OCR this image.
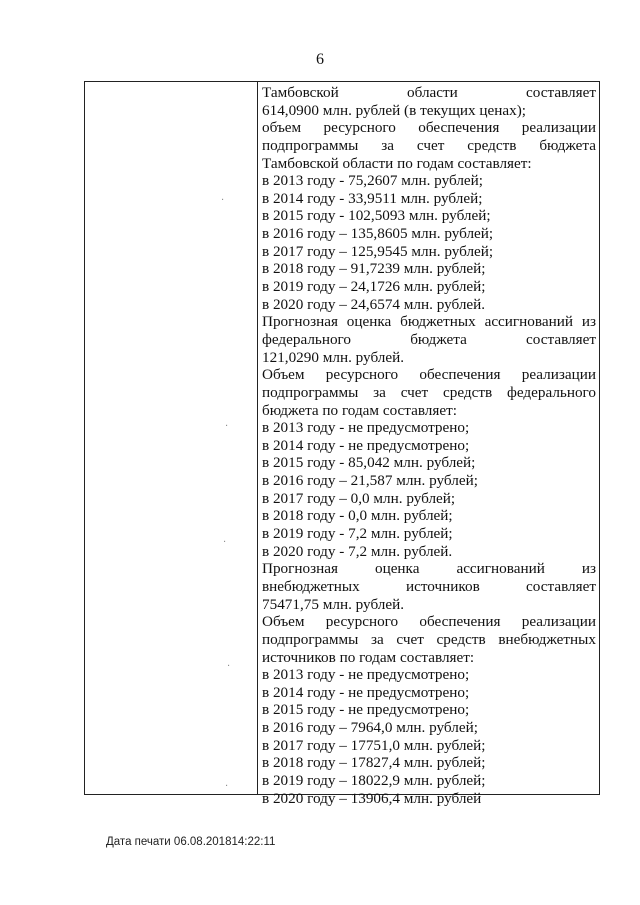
6
·
·
·
·
·
Тамбовской	области	составляет
614,0900 млн. рублей (в текущих ценах);
объем ресурсного обеспечения реализации
подпрограммы за счет средств бюджета
Тамбовской области по годам составляет:
в 2013 году - 75,2607 млн. рублей;
в 2014 году - 33,9511 млн. рублей;
в 2015 году - 102,5093 млн. рублей;
в 2016 году – 135,8605 млн. рублей;
в 2017 году – 125,9545 млн. рублей;
в 2018 году – 91,7239 млн. рублей;
в 2019 году – 24,1726 млн. рублей;
в 2020 году – 24,6574 млн. рублей.
Прогнозная оценка бюджетных ассигнований из
федерального	бюджета	составляет
121,0290 млн. рублей.
Объем ресурсного обеспечения реализации
подпрограммы за счет средств федерального
бюджета по годам составляет:
в 2013 году - не предусмотрено;
в 2014 году - не предусмотрено;
в 2015 году - 85,042 млн. рублей;
в 2016 году – 21,587 млн. рублей;
в 2017 году – 0,0 млн. рублей;
в 2018 году - 0,0 млн. рублей;
в 2019 году - 7,2 млн. рублей;
в 2020 году - 7,2 млн. рублей.
Прогнозная оценка ассигнований из
внебюджетных	источников	составляет
75471,75 млн. рублей.
Объем ресурсного обеспечения реализации
подпрограммы за счет средств внебюджетных
источников по годам составляет:
в 2013 году - не предусмотрено;
в 2014 году - не предусмотрено;
в 2015 году - не предусмотрено;
в 2016 году – 7964,0 млн. рублей;
в 2017 году – 17751,0 млн. рублей;
в 2018 году – 17827,4 млн. рублей;
в 2019 году – 18022,9 млн. рублей;
в 2020 году – 13906,4 млн. рублей
Дата печати 06.08.201814:22:11
